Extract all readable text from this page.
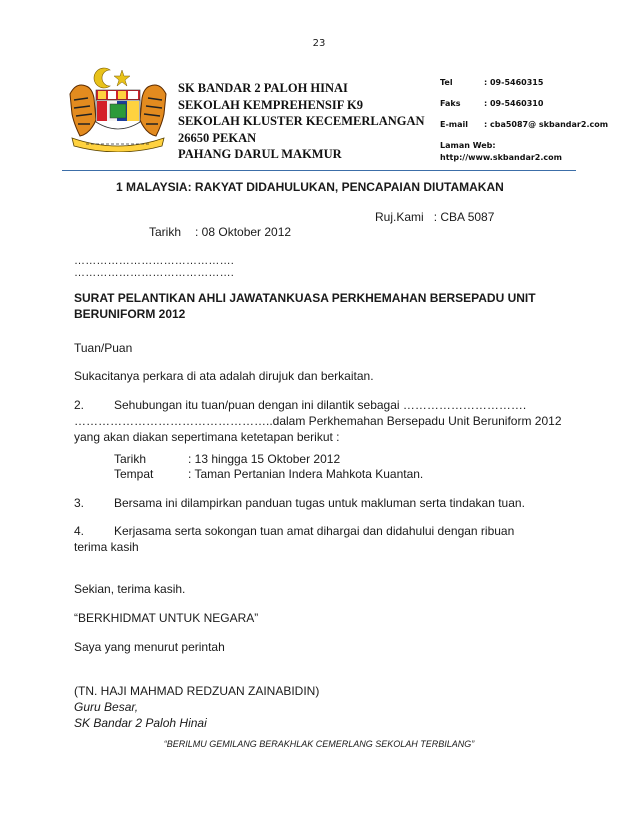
23
SK BANDAR 2 PALOH HINAI
SEKOLAH KEMPREHENSIF K9
SEKOLAH KLUSTER KECEMERLANGAN
26650 PEKAN
PAHANG DARUL MAKMUR
Tel	: 09-5460315
Faks	: 09-5460310
E-mail	: cba5087@ skbandar2.com
Laman Web:
http://www.skbandar2.com
1 MALAYSIA: RAKYAT DIDAHULUKAN, PENCAPAIAN DIUTAMAKAN
Ruj.Kami : CBA 5087
Tarikh : 08 Oktober 2012
…………………………………….
…………………………………….
SURAT PELANTIKAN AHLI JAWATANKUASA PERKHEMAHAN BERSEPADU UNIT BERUNIFORM 2012
Tuan/Puan
Sukacitanya perkara di ata adalah dirujuk dan berkaitan.
2. Sehubungan itu tuan/puan dengan ini dilantik sebagai ………………………….
…………………………………………..dalam Perkhemahan Bersepadu Unit Beruniform 2012
yang akan diakan sepertimana ketetapan berikut :
Tarikh	: 13 hingga 15 Oktober 2012
Tempat	: Taman Pertanian Indera Mahkota Kuantan.
3. Bersama ini dilampirkan panduan tugas untuk makluman serta tindakan tuan.
4. Kerjasama serta sokongan tuan amat dihargai dan didahului dengan ribuan
terima kasih
Sekian, terima kasih.
“BERKHIDMAT UNTUK NEGARA”
Saya yang menurut perintah
(TN. HAJI MAHMAD REDZUAN ZAINABIDIN)
Guru Besar,
SK Bandar 2 Paloh Hinai
“BERILMU GEMILANG BERAKHLAK CEMERLANG SEKOLAH TERBILANG”
